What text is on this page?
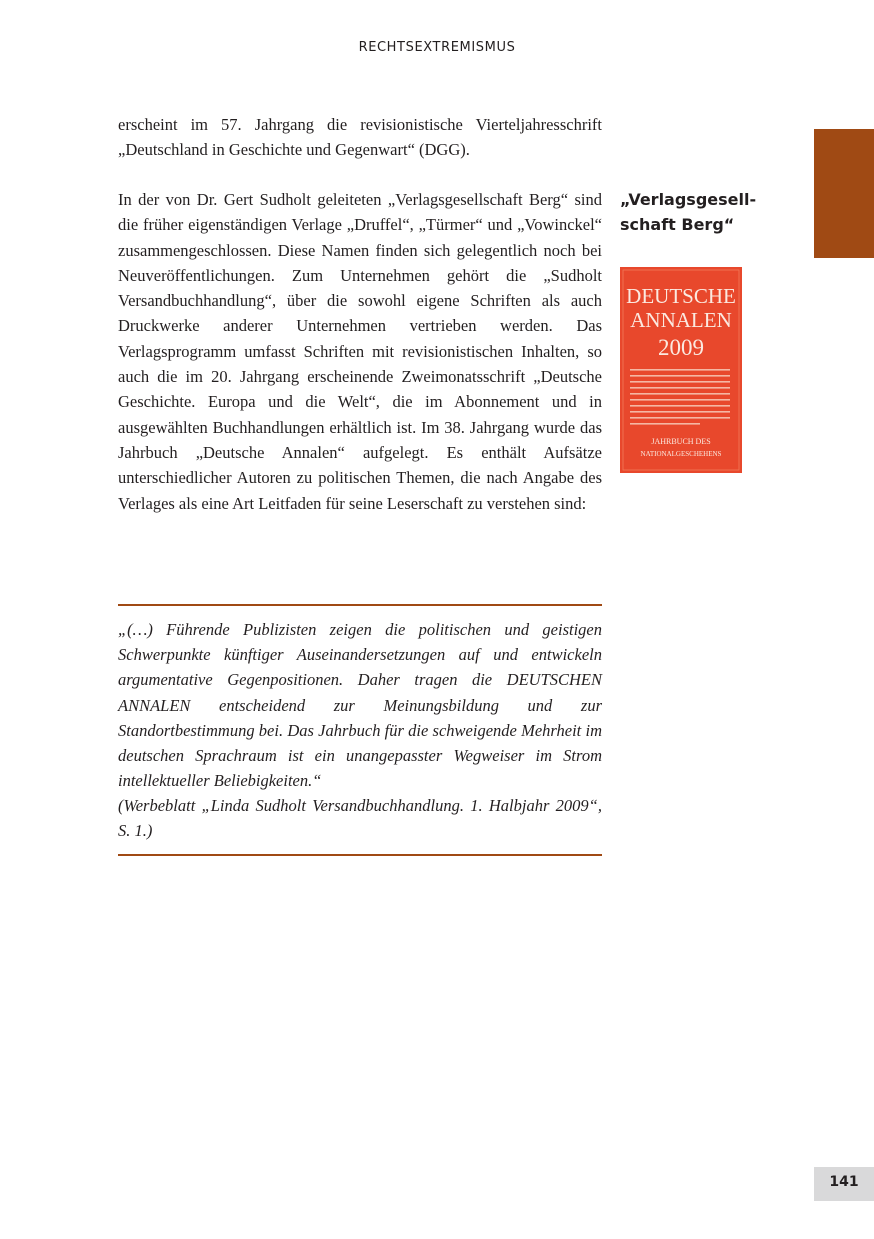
RECHTSEXTREMISMUS

erscheint im 57. Jahrgang die revisionistische Vierteljahresschrift „Deutschland in Geschichte und Gegenwart“ (DGG).

In der von Dr. Gert Sudholt geleiteten „Verlagsgesellschaft Berg“ sind die früher eigenständigen Verlage „Druffel“, „Türmer“ und „Vowinckel“ zusammengeschlossen. Diese Namen finden sich gelegentlich noch bei Neuveröffentlichungen. Zum Unternehmen gehört die „Sudholt Versandbuchhandlung“, über die sowohl eigene Schriften als auch Druckwerke anderer Unternehmen vertrieben werden. Das Verlagsprogramm umfasst Schriften mit revisionistischen Inhalten, so auch die im 20. Jahrgang erscheinende Zweimonatsschrift „Deutsche Geschichte. Europa und die Welt“, die im Abonnement und in ausgewählten Buchhandlungen erhältlich ist. Im 38. Jahrgang wurde das Jahrbuch „Deutsche Annalen“ aufgelegt. Es enthält Aufsätze unterschiedlicher Autoren zu politischen Themen, die nach Angabe des Verlages als eine Art Leitfaden für seine Leserschaft zu verstehen sind:

„Verlagsgesell-schaft Berg“
DEUTSCHE
ANNALEN
2009
JAHRBUCH DES
NATIONALGESCHEHENS

„(…) Führende Publizisten zeigen die politischen und geistigen Schwerpunkte künftiger Auseinandersetzungen auf und entwickeln argumentative Gegenpositionen. Daher tragen die DEUTSCHEN ANNALEN entscheidend zur Meinungsbildung und zur Standortbestimmung bei. Das Jahrbuch für die schweigende Mehrheit im deutschen Sprachraum ist ein unangepasster Wegweiser im Strom intellektueller Beliebigkeiten.“

(Werbeblatt „Linda Sudholt Versandbuchhandlung. 1. Halbjahr 2009“, S. 1.)

141
